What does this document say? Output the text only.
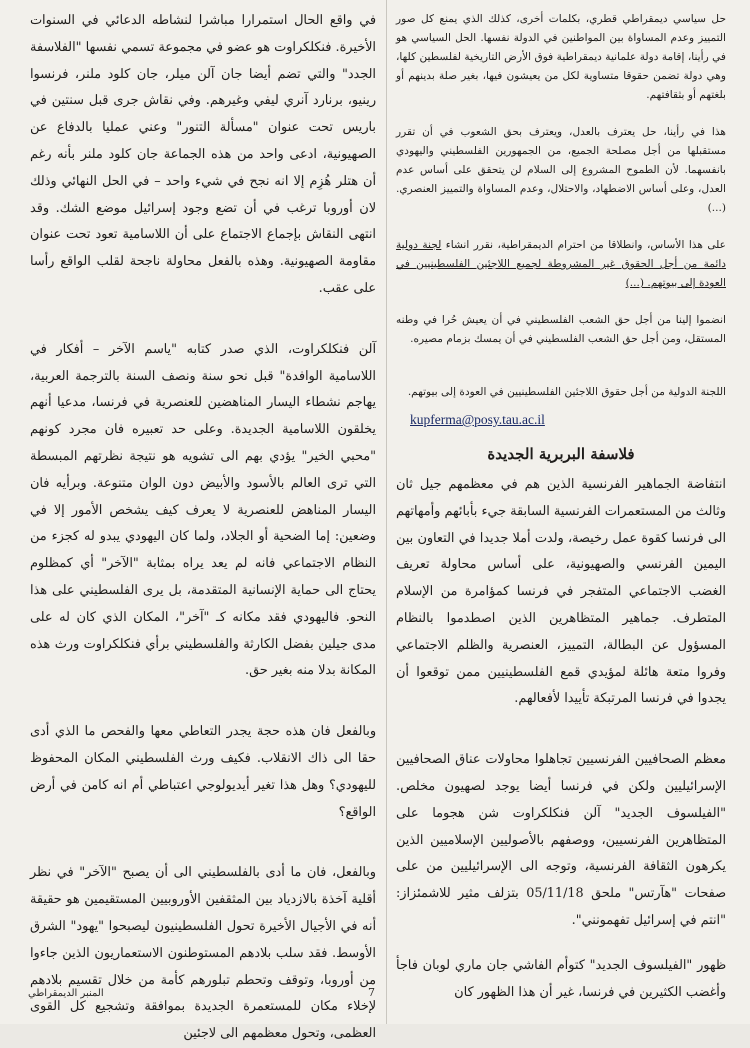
حل سياسي ديمقراطي قطري، بكلمات أخرى، كذلك الذي يمنع كل صور التمييز وعدم المساواة بين المواطنين في الدولة نفسها. الحل السياسي هو في رأينا، إقامة دولة علمانية ديمقراطية فوق الأرض التاريخية لفلسطين كلها، وهي دولة تضمن حقوقا متساوية لكل من يعيشون فيها، بغير صلة بدينهم أو بلغتهم أو بثقافتهم.

هذا في رأينا، حل يعترف بالعدل، ويعترف بحق الشعوب في أن تقرر مستقبلها من أجل مصلحة الجميع، من الجمهورين الفلسطيني واليهودي بانفسهما. لأن الطموح المشروع إلى السلام لن يتحقق على أساس عدم العدل، وعلى أساس الاضطهاد، والاحتلال، وعدم المساواة والتمييز العنصري. (...)

على هذا الأساس، وانطلاقا من احترام الديمقراطية، نقرر انشاء لجنة دولية دائمة من أجل الحقوق غير المشروطة لجميع اللاجئين الفلسطينيين في العودة إلى بيوتهم. (...)

انضموا إلينا من أجل حق الشعب الفلسطيني في أن يعيش حُرا في وطنه المستقل، ومن أجل حق الشعب الفلسطيني في أن يمسك بزمام مصيره.

اللجنة الدولية من أجل حقوق اللاجئين الفلسطينيين في العودة إلى بيوتهم.

kupferma@posy.tau.ac.il

فلاسفة البربرية الجديدة

انتفاضة الجماهير الفرنسية الذين هم في معظمهم جيل ثان وثالث من المستعمرات الفرنسية السابقة جيء بأبائهم وأمهاتهم الى فرنسا كقوة عمل رخيصة، ولدت أملا جديدا في التعاون بين اليمين الفرنسي والصهيونية، على أساس محاولة تعريف الغضب الاجتماعي المتفجر في فرنسا كمؤامرة من الإسلام المتطرف. جماهير المتظاهرين الذين اصطدموا بالنظام المسؤول عن البطالة، التمييز، العنصرية والظلم الاجتماعي وفروا متعة هائلة لمؤيدي قمع الفلسطينيين ممن توقعوا أن يجدوا في فرنسا المرتبكة تأييدا لأفعالهم.

معظم الصحافيين الفرنسيين تجاهلوا محاولات عناق الصحافيين الإسرائيليين ولكن في فرنسا أيضا يوجد لصهيون مخلص. "الفيلسوف الجديد" آلن فنكلكراوت شن هجوما على المتظاهرين الفرنسيين، ووصفهم بالأصوليين الإسلاميين الذين يكرهون الثقافة الفرنسية، وتوجه الى الإسرائيليين من على صفحات "هآرتس" ملحق 05/11/18 بتزلف مثير للاشمئزاز: "انتم في إسرائيل تفهمونني".

ظهور "الفيلسوف الجديد" كتوأم الفاشي جان ماري لوبان فاجأ وأغضب الكثيرين في فرنسا، غير أن هذا الظهور كان

في واقع الحال استمرارا مباشرا لنشاطه الدعائي في السنوات الأخيرة. فنكلكراوت هو عضو في مجموعة تسمي نفسها "الفلاسفة الجدد" والتي تضم أيضا جان آلن ميلر، جان كلود ملنر، فرنسوا رينيو، برنارد آنري ليفي وغيرهم. وفي نقاش جرى قبل سنتين في باريس تحت عنوان "مسألة التنور" وعني عمليا بالدفاع عن الصهيونية، ادعى واحد من هذه الجماعة جان كلود ملنر بأنه رغم أن هتلر هُزِم إلا انه نجح في شيء واحد – في الحل النهائي وذلك لان أوروبا ترغب في أن تضع وجود إسرائيل موضع الشك. وقد انتهى النقاش بإجماع الاجتماع على أن اللاسامية تعود تحت عنوان مقاومة الصهيونية. وهذه بالفعل محاولة ناجحة لقلب الواقع رأسا على عقب.

آلن فنكلكراوت، الذي صدر كتابه "ياسم الآخر – أفكار في اللاسامية الوافدة" قبل نحو سنة ونصف السنة بالترجمة العربية، يهاجم نشطاء اليسار المناهضين للعنصرية في فرنسا، مدعيا أنهم يخلقون اللاسامية الجديدة. وعلى حد تعبيره فان مجرد كونهم "محبي الخير" يؤدي بهم الى تشويه هو نتيجة نظرتهم المبسطة التي ترى العالم بالأسود والأبيض دون الوان متنوعة. وبرأيه فان اليسار المناهض للعنصرية لا يعرف كيف يشخص الأمور إلا في وضعين: إما الضحية أو الجلاد، ولما كان اليهودي يبدو له كجزء من النظام الاجتماعي فانه لم يعد يراه بمثابة "الآخر" أي كمظلوم يحتاج الى حماية الإنسانية المتقدمة، بل يرى الفلسطيني على هذا النحو. فاليهودي فقد مكانه كـ "آخر"، المكان الذي كان له على مدى جيلين بفضل الكارثة والفلسطيني برأي فنكلكراوت ورث هذه المكانة بدلا منه بغير حق.

وبالفعل فان هذه حجة يجدر التعاطي معها والفحص ما الذي أدى حقا الى ذاك الانقلاب. فكيف ورث الفلسطيني المكان المحفوظ لليهودي؟ وهل هذا تغير أيديولوجي اعتباطي أم انه كامن في أرض الواقع؟

وبالفعل، فان ما أدى بالفلسطيني الى أن يصبح "الآخر" في نظر أقلية آخذة بالازدياد بين المثقفين الأوروبيين المستقيمين هو حقيقة أنه في الأجيال الأخيرة تحول الفلسطينيون ليصبحوا "يهود" الشرق الأوسط. فقد سلب بلادهم المستوطنون الاستعماريون الذين جاءوا من أوروبا، وتوقف وتحطم تبلورهم كأمة من خلال تقسيم بلادهم لإخلاء مكان للمستعمرة الجديدة بموافقة وتشجيع كل القوى العظمى، وتحول معظمهم الى لاجئين

المنبر الديمقراطي	7
